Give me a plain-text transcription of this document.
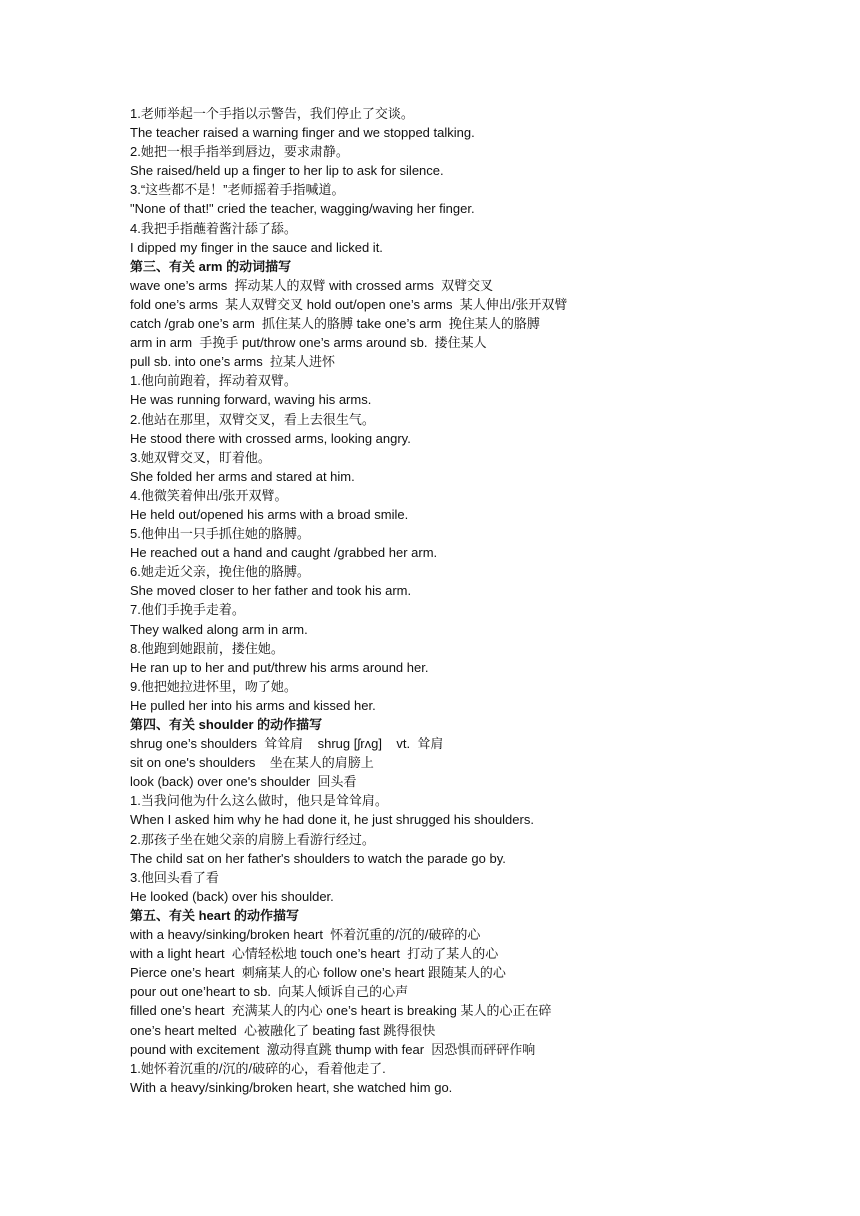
1.老师举起一个手指以示警告，我们停止了交谈。
The teacher raised a warning finger and we stopped talking.
2.她把一根手指举到唇边，要求肃静。
She raised/held up a finger to her lip to ask for silence.
3.“这些都不是！”老师摇着手指喊道。
"None of that!" cried the teacher, wagging/waving her finger.
4.我把手指蘸着酱汁舔了舔。
I dipped my finger in the sauce and licked it.
第三、有关 arm 的动词描写
wave one’s arms  挥动某人的双臂 with crossed arms  双臂交叉
fold one’s arms  某人双臂交叉 hold out/open one’s arms  某人伸出/张开双臂
catch /grab one’s arm  抓住某人的胳膊 take one’s arm  挽住某人的胳膊
arm in arm  手挽手 put/throw one’s arms around sb.  搂住某人
pull sb. into one’s arms  拉某人进怀
1.他向前跑着，挥动着双臂。
He was running forward, waving his arms.
2.他站在那里，双臂交叉，看上去很生气。
He stood there with crossed arms, looking angry.
3.她双臂交叉，盯着他。
She folded her arms and stared at him.
4.他微笑着伸出/张开双臂。
He held out/opened his arms with a broad smile.
5.他伸出一只手抓住她的胳膊。
He reached out a hand and caught /grabbed her arm.
6.她走近父亲，挽住他的胳膊。
She moved closer to her father and took his arm.
7.他们手挽手走着。
They walked along arm in arm.
8.他跑到她跟前，搂住她。
He ran up to her and put/threw his arms around her.
9.他把她拉进怀里，吻了她。
He pulled her into his arms and kissed her.
第四、有关 shoulder 的动作描写
shrug one’s shoulders  耸耸肩    shrug [ʃrʌɡ]    vt.  耸肩
sit on one's shoulders    坐在某人的肩膀上
look (back) over one's shoulder  回头看
1.当我问他为什么这么做时，他只是耸耸肩。
When I asked him why he had done it, he just shrugged his shoulders.
2.那孩子坐在她父亲的肩膀上看游行经过。
The child sat on her father's shoulders to watch the parade go by.
3.他回头看了看
He looked (back) over his shoulder.
第五、有关 heart 的动作描写
with a heavy/sinking/broken heart  怀着沉重的/沉的/破碎的心
with a light heart  心情轻松地 touch one’s heart  打动了某人的心
Pierce one’s heart  刺痛某人的心 follow one’s heart 跟随某人的心
pour out one’heart to sb.  向某人倾诉自己的心声
filled one’s heart  充满某人的内心 one’s heart is breaking 某人的心正在碎
one’s heart melted  心被融化了 beating fast 跳得很快
pound with excitement  激动得直跳 thump with fear  因恐惧而砰砰作响
1.她怀着沉重的/沉的/破碎的心，看着他走了.
With a heavy/sinking/broken heart, she watched him go.
